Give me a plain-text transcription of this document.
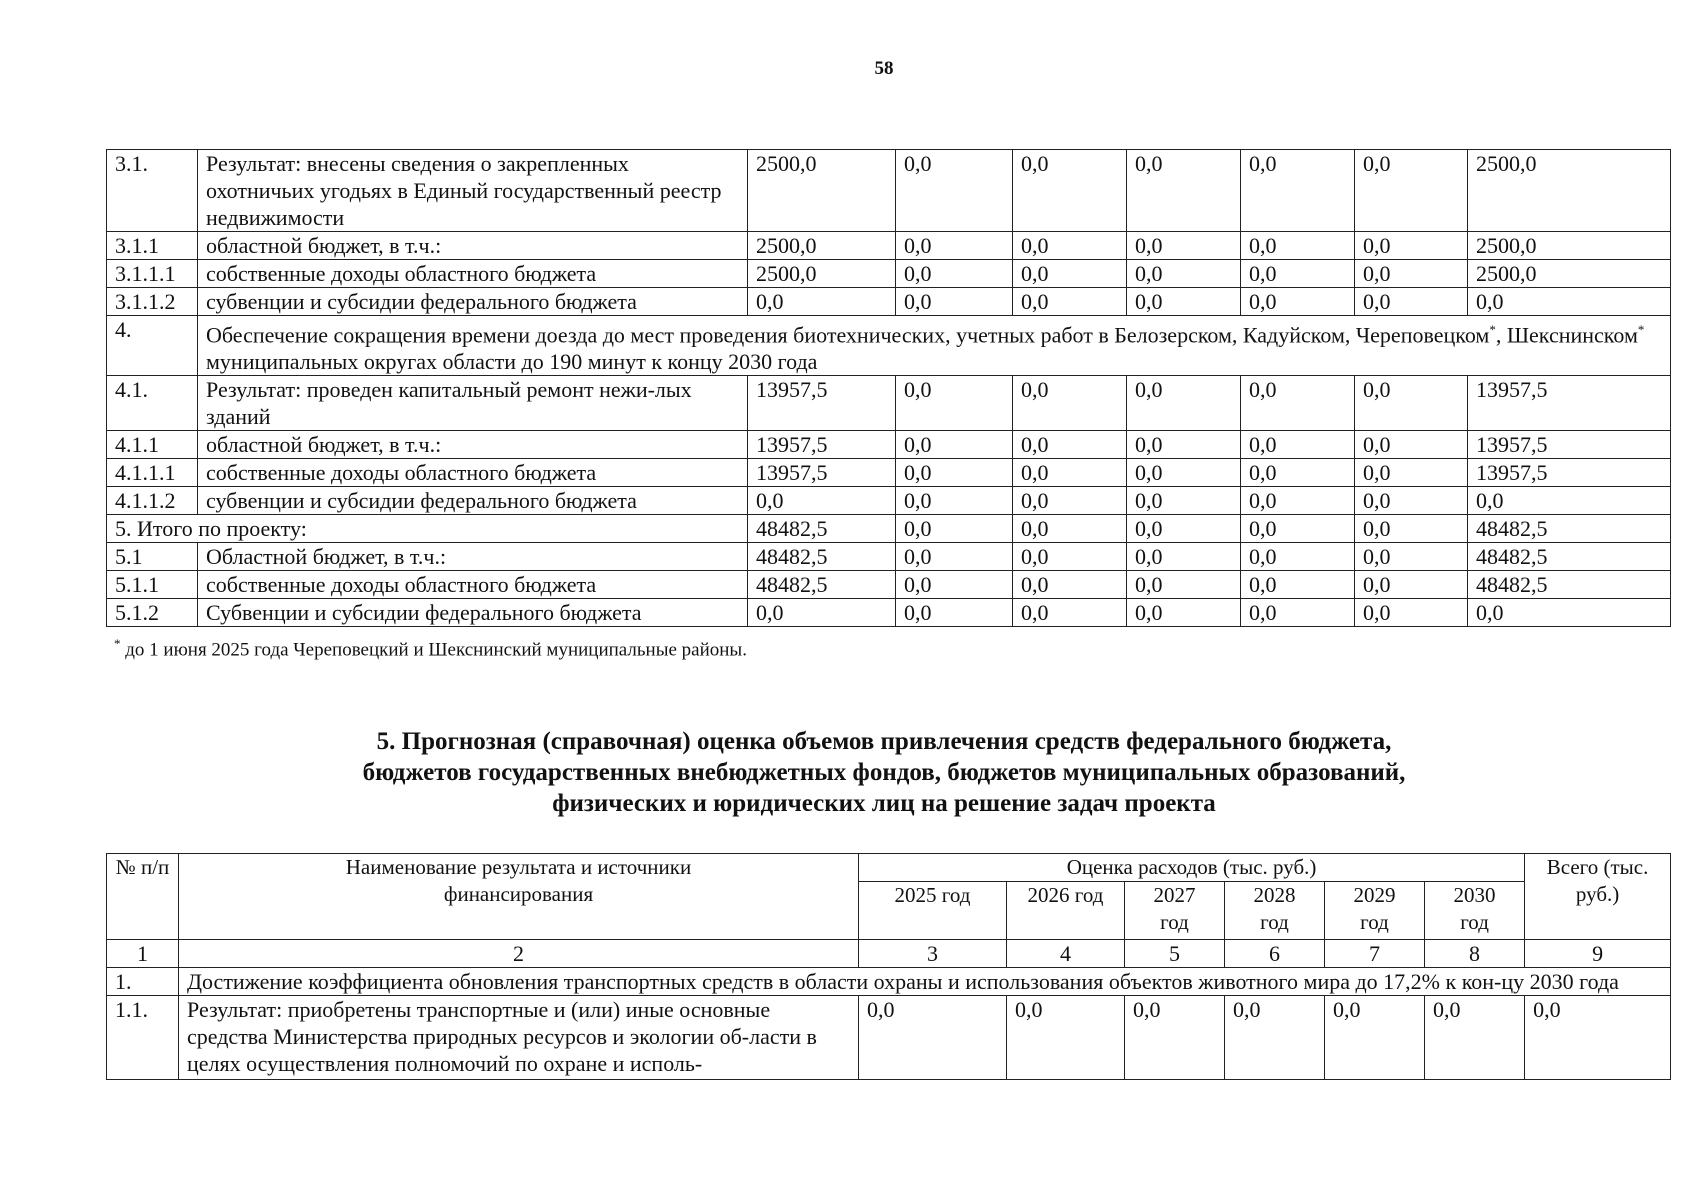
58
3.1.	Результат: внесены сведения о закрепленных охотничьих угодьях в Единый государственный реестр недвижимости	2500,0	0,0	0,0	0,0	0,0	0,0	2500,0
3.1.1	областной бюджет, в т.ч.:	2500,0	0,0	0,0	0,0	0,0	0,0	2500,0
3.1.1.1	собственные доходы областного бюджета	2500,0	0,0	0,0	0,0	0,0	0,0	2500,0
3.1.1.2	субвенции и субсидии федерального бюджета	0,0	0,0	0,0	0,0	0,0	0,0	0,0
4.	Обеспечение сокращения времени доезда до мест проведения биотехнических, учетных работ в Белозерском, Кадуйском, Череповецком*, Шекснинском* муниципальных округах области до 190 минут к концу 2030 года							
4.1.	Результат: проведен капитальный ремонт нежи-лых зданий	13957,5	0,0	0,0	0,0	0,0	0,0	13957,5
4.1.1	областной бюджет, в т.ч.:	13957,5	0,0	0,0	0,0	0,0	0,0	13957,5
4.1.1.1	собственные доходы областного бюджета	13957,5	0,0	0,0	0,0	0,0	0,0	13957,5
4.1.1.2	субвенции и субсидии федерального бюджета	0,0	0,0	0,0	0,0	0,0	0,0	0,0
5. Итого по проекту:		48482,5	0,0	0,0	0,0	0,0	0,0	48482,5
5.1	Областной бюджет, в т.ч.:	48482,5	0,0	0,0	0,0	0,0	0,0	48482,5
5.1.1	собственные доходы областного бюджета	48482,5	0,0	0,0	0,0	0,0	0,0	48482,5
5.1.2	Субвенции и субсидии федерального бюджета	0,0	0,0	0,0	0,0	0,0	0,0	0,0
* до 1 июня 2025 года Череповецкий и Шекснинский муниципальные районы.
5. Прогнозная (справочная) оценка объемов привлечения средств федерального бюджета,
бюджетов государственных внебюджетных фондов, бюджетов муниципальных образований,
физических и юридических лиц на решение задач проекта
№ п/п	Наименование результата и источники финансирования	Оценка расходов (тыс. руб.)						Всего (тыс. руб.)
		2025 год	2026 год	2027 год	2028 год	2029 год	2030 год	
1	2	3	4	5	6	7	8	9
1.	Достижение коэффициента обновления транспортных средств в области охраны и использования объектов животного мира до 17,2% к кон-цу 2030 года							
1.1.	Результат: приобретены транспортные и (или) иные основные средства Министерства природных ресурсов и экологии об-ласти в целях осуществления полномочий по охране и исполь-	0,0	0,0	0,0	0,0	0,0	0,0	0,0
